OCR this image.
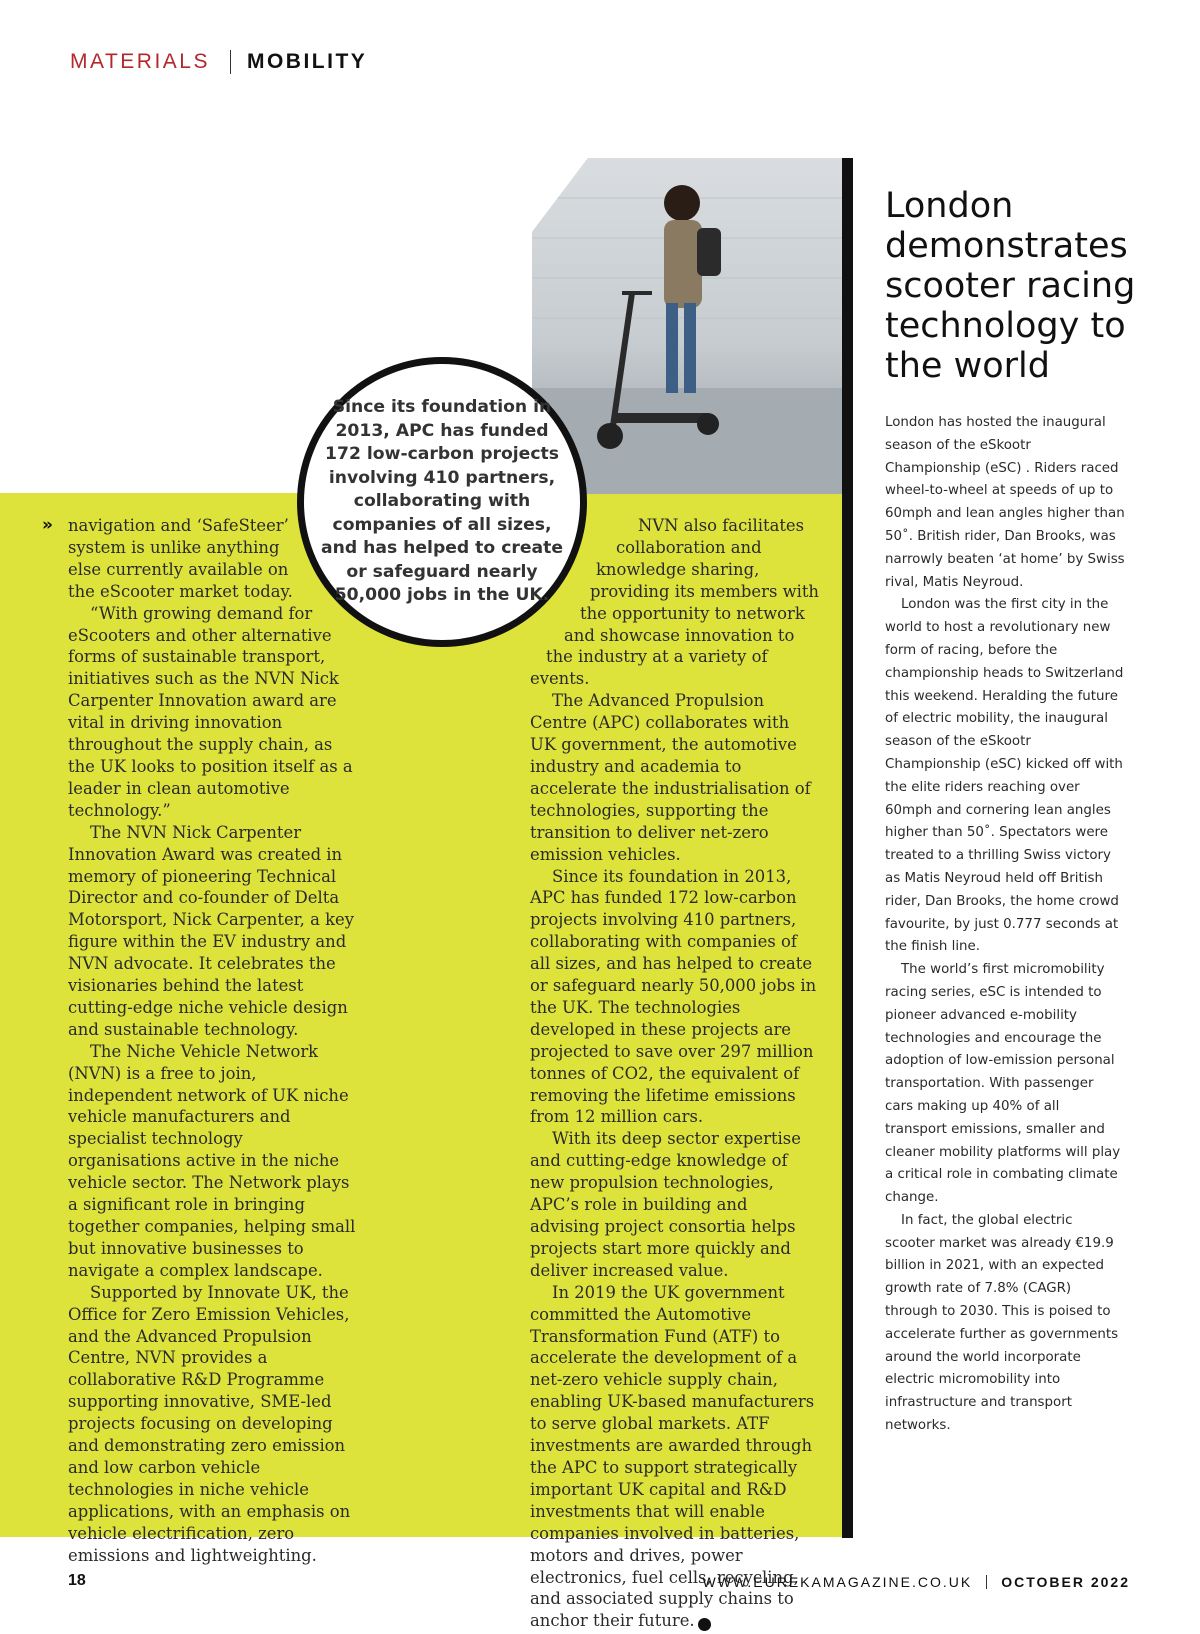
MATERIALS MOBILITY
» navigation and ‘SafeSteer’ system is unlike anything else currently available on the eScooter market today.

“With growing demand for eScooters and other alternative forms of sustainable transport, initiatives such as the NVN Nick Carpenter Innovation award are vital in driving innovation throughout the supply chain, as the UK looks to position itself as a leader in clean automotive technology.”

The NVN Nick Carpenter Innovation Award was created in memory of pioneering Technical Director and co-founder of Delta Motorsport, Nick Carpenter, a key figure within the EV industry and NVN advocate. It celebrates the visionaries behind the latest cutting-edge niche vehicle design and sustainable technology.

The Niche Vehicle Network (NVN) is a free to join, independent network of UK niche vehicle manufacturers and specialist technology organisations active in the niche vehicle sector. The Network plays a significant role in bringing together companies, helping small but innovative businesses to navigate a complex landscape.

Supported by Innovate UK, the Office for Zero Emission Vehicles, and the Advanced Propulsion Centre, NVN provides a collaborative R&D Programme supporting innovative, SME-led projects focusing on developing and demonstrating zero emission and low carbon vehicle technologies in niche vehicle applications, with an emphasis on vehicle electrification, zero emissions and lightweighting.

NVN also facilitates collaboration and knowledge sharing, providing its members with the opportunity to network and showcase innovation to the industry at a variety of events.

The Advanced Propulsion Centre (APC) collaborates with UK government, the automotive industry and academia to accelerate the industrialisation of technologies, supporting the transition to deliver net-zero emission vehicles.

Since its foundation in 2013, APC has funded 172 low-carbon projects involving 410 partners, collaborating with companies of all sizes, and has helped to create or safeguard nearly 50,000 jobs in the UK. The technologies developed in these projects are projected to save over 297 million tonnes of CO2, the equivalent of removing the lifetime emissions from 12 million cars.

With its deep sector expertise and cutting-edge knowledge of new propulsion technologies, APC’s role in building and advising project consortia helps projects start more quickly and deliver increased value.

In 2019 the UK government committed the Automotive Transformation Fund (ATF) to accelerate the development of a net-zero vehicle supply chain, enabling UK-based manufacturers to serve global markets. ATF investments are awarded through the APC to support strategically important UK capital and R&D investments that will enable companies involved in batteries, motors and drives, power electronics, fuel cells, recycling, and associated supply chains to anchor their future.	!

Since its foundation in 2013, APC has funded 172 low-carbon projects involving 410 partners, collaborating with companies of all sizes, and has helped to create or safeguard nearly 50,000 jobs in the UK.
London demonstrates scooter racing technology to the world

London has hosted the inaugural season of the eSkootr Championship (eSC) . Riders raced wheel-to-wheel at speeds of up to 60mph and lean angles higher than 50˚. British rider, Dan Brooks, was narrowly beaten ‘at home’ by Swiss rival, Matis Neyroud.

London was the first city in the world to host a revolutionary new form of racing, before the championship heads to Switzerland this weekend. Heralding the future of electric mobility, the inaugural season of the eSkootr Championship (eSC) kicked off with the elite riders reaching over 60mph and cornering lean angles higher than 50˚. Spectators were treated to a thrilling Swiss victory as Matis Neyroud held off British rider, Dan Brooks, the home crowd favourite, by just 0.777 seconds at the finish line.

The world’s first micromobility racing series, eSC is intended to pioneer advanced e-mobility technologies and encourage the adoption of low-emission personal transportation. With passenger cars making up 40% of all transport emissions, smaller and cleaner mobility platforms will play a critical role in combating climate change.

In fact, the global electric scooter market was already €19.9 billion in 2021, with an expected growth rate of 7.8% (CAGR) through to 2030. This is poised to accelerate further as governments around the world incorporate electric micromobility into infrastructure and transport networks.

18	WWW.EUREKAMAGAZINE.CO.UK OCTOBER 2022
